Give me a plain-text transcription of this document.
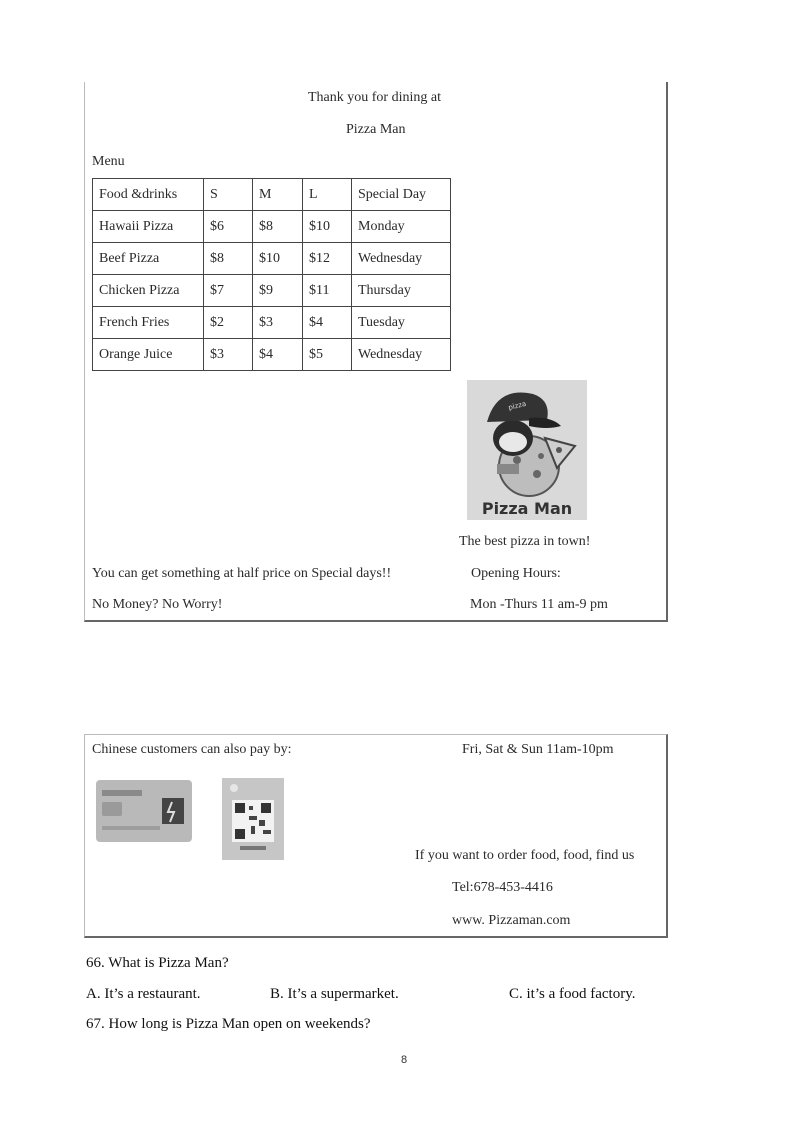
Thank you for dining at
Pizza Man
Menu
Food &drinks	S	M	L	Special Day
Hawaii Pizza	$6	$8	$10	Monday
Beef Pizza	$8	$10	$12	Wednesday
Chicken Pizza	$7	$9	$11	Thursday
French Fries	$2	$3	$4	Tuesday
Orange Juice	$3	$4	$5	Wednesday
pizza
Pizza Man
The best pizza in town!
You can get something at half price on Special days!!	Opening Hours:
No Money? No Worry!	Mon -Thurs 11 am-9 pm
Chinese customers can also pay by:	Fri, Sat & Sun 11am-10pm
If you want to order food, food, find us
Tel:678-453-4416
www. Pizzaman.com
66. What is Pizza Man?
A. It’s a restaurant.	B. It’s a supermarket.	C. it’s a food factory.
67. How long is Pizza Man open on weekends?
8
